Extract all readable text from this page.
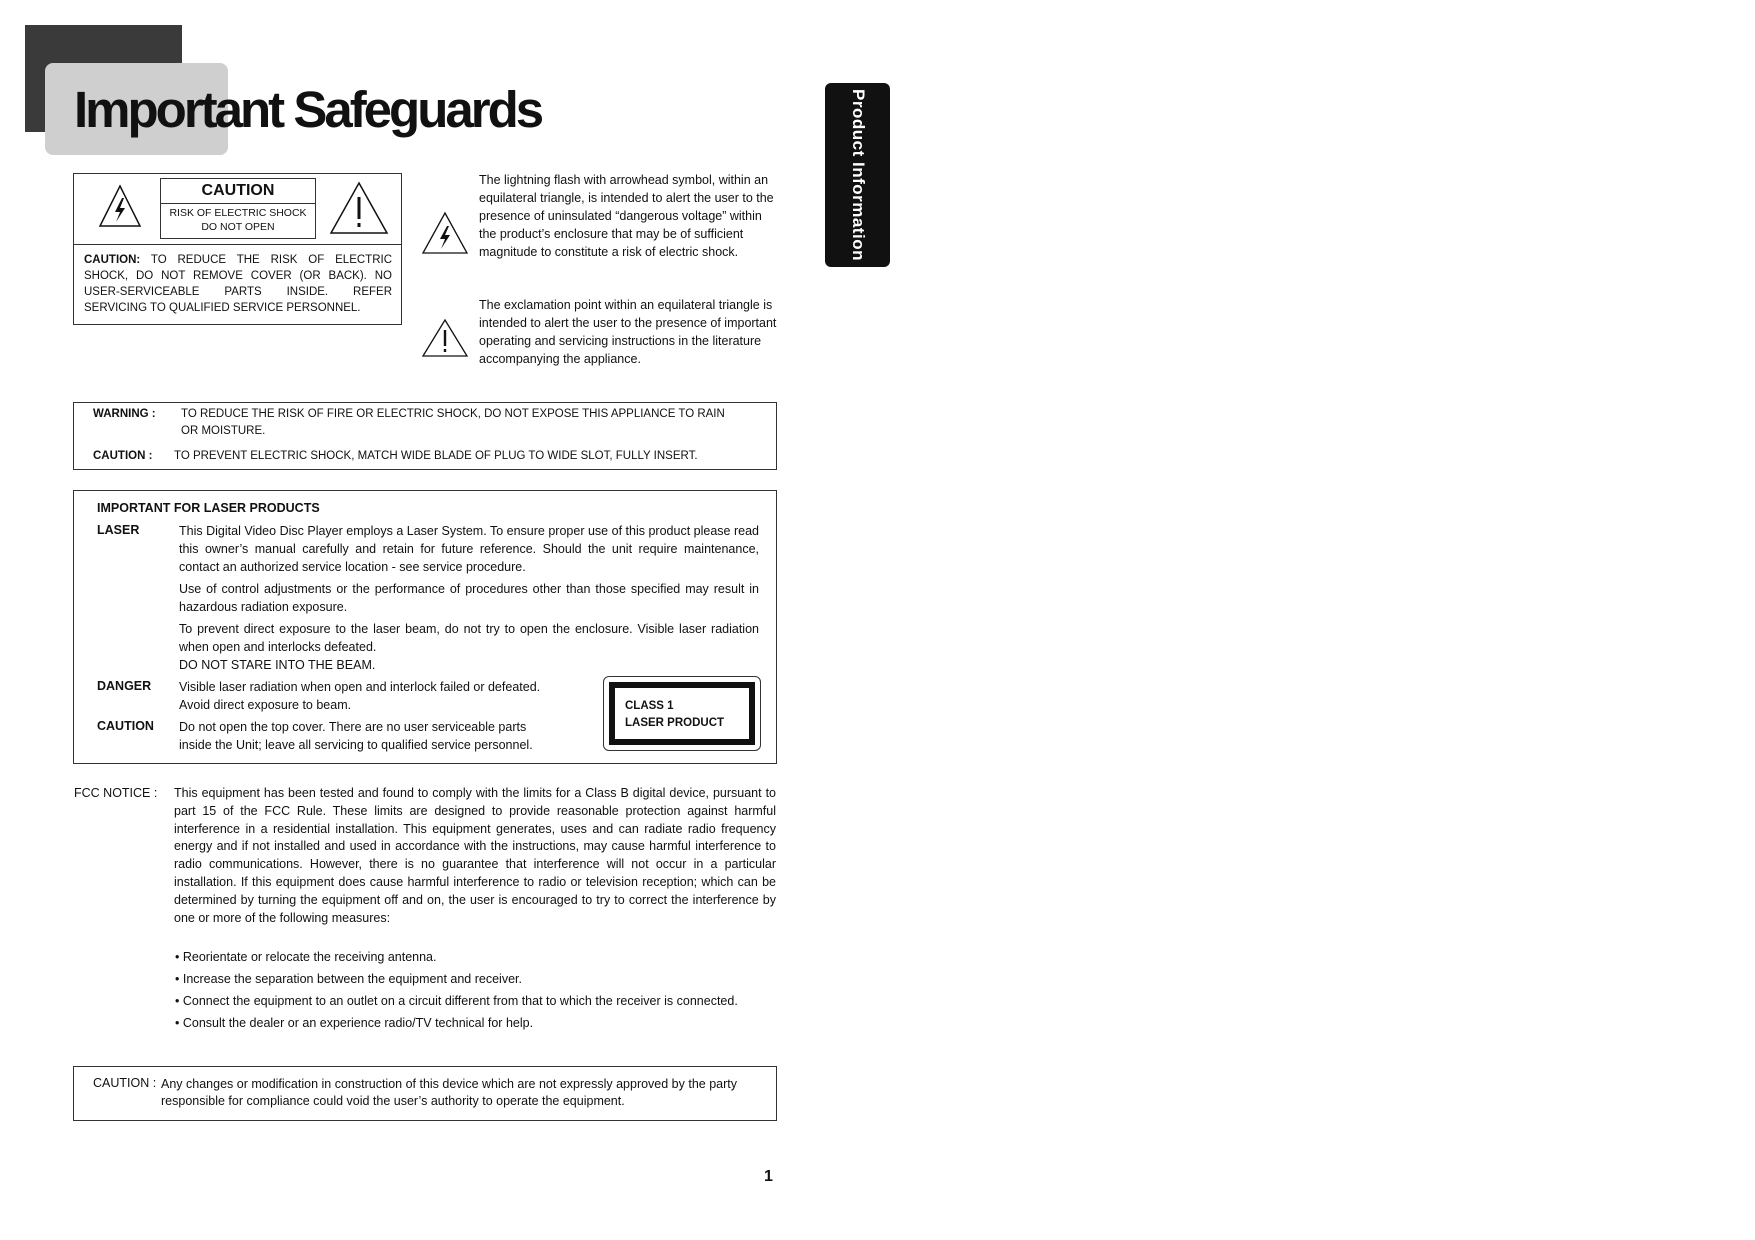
Important Safeguards	Product Information
CAUTION
RISK OF ELECTRIC SHOCK
DO NOT OPEN
CAUTION: TO REDUCE THE RISK OF ELECTRIC SHOCK, DO NOT REMOVE COVER (OR BACK). NO USER-SERVICEABLE PARTS INSIDE. REFER SERVICING TO QUALIFIED SERVICE PERSONNEL.
The lightning flash with arrowhead symbol, within an equilateral triangle, is intended to alert the user to the presence of uninsulated “dangerous voltage” within the product’s enclosure that may be of sufficient magnitude to constitute a risk of electric shock.
The exclamation point within an equilateral triangle is intended to alert the user to the presence of important operating and servicing instructions in the literature accompanying the appliance.
WARNING : TO REDUCE THE RISK OF FIRE OR ELECTRIC SHOCK, DO NOT EXPOSE THIS APPLIANCE TO RAIN
OR MOISTURE.
CAUTION : TO PREVENT ELECTRIC SHOCK, MATCH WIDE BLADE OF PLUG TO WIDE SLOT, FULLY INSERT.
IMPORTANT FOR LASER PRODUCTS
LASER	This Digital Video Disc Player employs a Laser System. To ensure proper use of this product please read this owner’s manual carefully and retain for future reference. Should the unit require maintenance, contact an authorized service location - see service procedure.
Use of control adjustments or the performance of procedures other than those specified may result in hazardous radiation exposure.
To prevent direct exposure to the laser beam, do not try to open the enclosure. Visible laser radiation when open and interlocks defeated.
DO NOT STARE INTO THE BEAM.
DANGER Visible laser radiation when open and interlock failed or defeated.
Avoid direct exposure to beam.
CAUTION Do not open the top cover. There are no user serviceable parts
inside the Unit; leave all servicing to qualified service personnel.
CLASS 1
LASER PRODUCT
FCC NOTICE : This equipment has been tested and found to comply with the limits for a Class B digital device, pursuant to part 15 of the FCC Rule. These limits are designed to provide reasonable protection against harmful interference in a residential installation. This equipment generates, uses and can radiate radio frequency energy and if not installed and used in accordance with the instructions, may cause harmful interference to radio communications. However, there is no guarantee that interference will not occur in a particular installation. If this equipment does cause harmful interference to radio or television reception; which can be determined by turning the equipment off and on, the user is encouraged to try to correct the interference by one or more of the following measures:
• Reorientate or relocate the receiving antenna.
• Increase the separation between the equipment and receiver.
• Connect the equipment to an outlet on a circuit different from that to which the receiver is connected.
• Consult the dealer or an experience radio/TV technical for help.
CAUTION : Any changes or modification in construction of this device which are not expressly approved by the party responsible for compliance could void the user’s authority to operate the equipment.
1
